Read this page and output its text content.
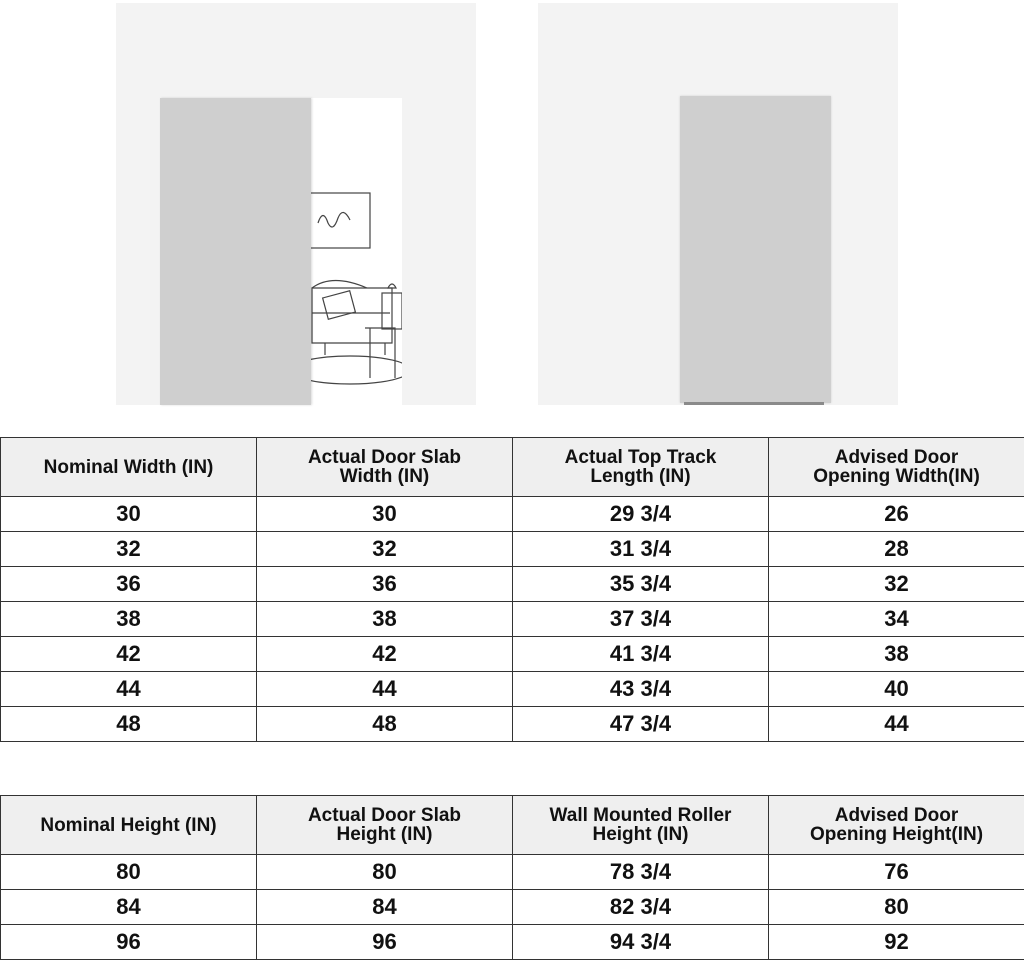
Nominal Width (IN)	Actual Door Slab Width (IN)	Actual Top Track Length (IN)	Advised Door Opening Width(IN)
30	30	29 3/4	26
32	32	31 3/4	28
36	36	35 3/4	32
38	38	37 3/4	34
42	42	41 3/4	38
44	44	43 3/4	40
48	48	47 3/4	44
Nominal Height (IN)	Actual Door Slab Height (IN)	Wall Mounted Roller Height (IN)	Advised Door Opening Height(IN)
80	80	78 3/4	76
84	84	82 3/4	80
96	96	94 3/4	92
